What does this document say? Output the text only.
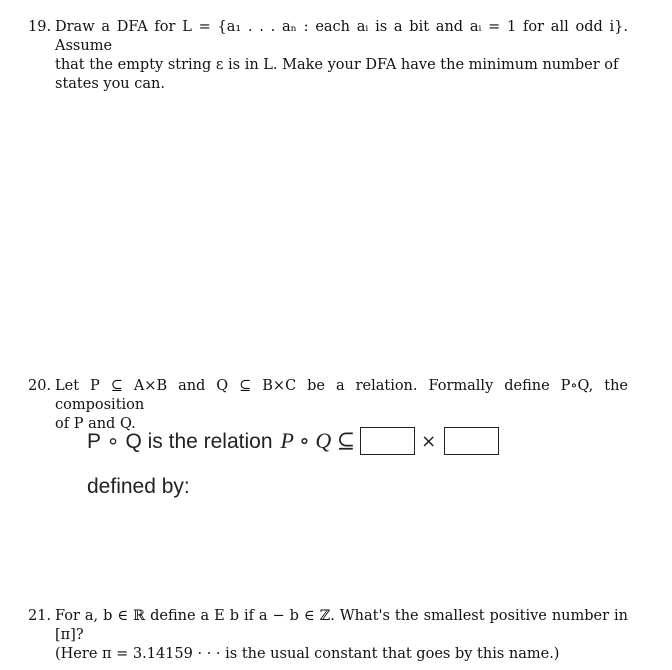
19. Draw a DFA for L = {a₁ . . . aₙ : each aᵢ is a bit and aᵢ = 1 for all odd i}. Assume
that the empty string ε is in L. Make your DFA have the minimum number of
states you can.
20. Let P ⊆ A×B and Q ⊆ B×C be a relation. Formally define P∘Q, the composition
of P and Q.
P ∘ Q is the relation P ∘ Q ⊆	×
defined by:
21. For a, b ∈ ℝ define a E b if a − b ∈ ℤ. What's the smallest positive number in [π]?
(Here π = 3.14159 · · · is the usual constant that goes by this name.)
